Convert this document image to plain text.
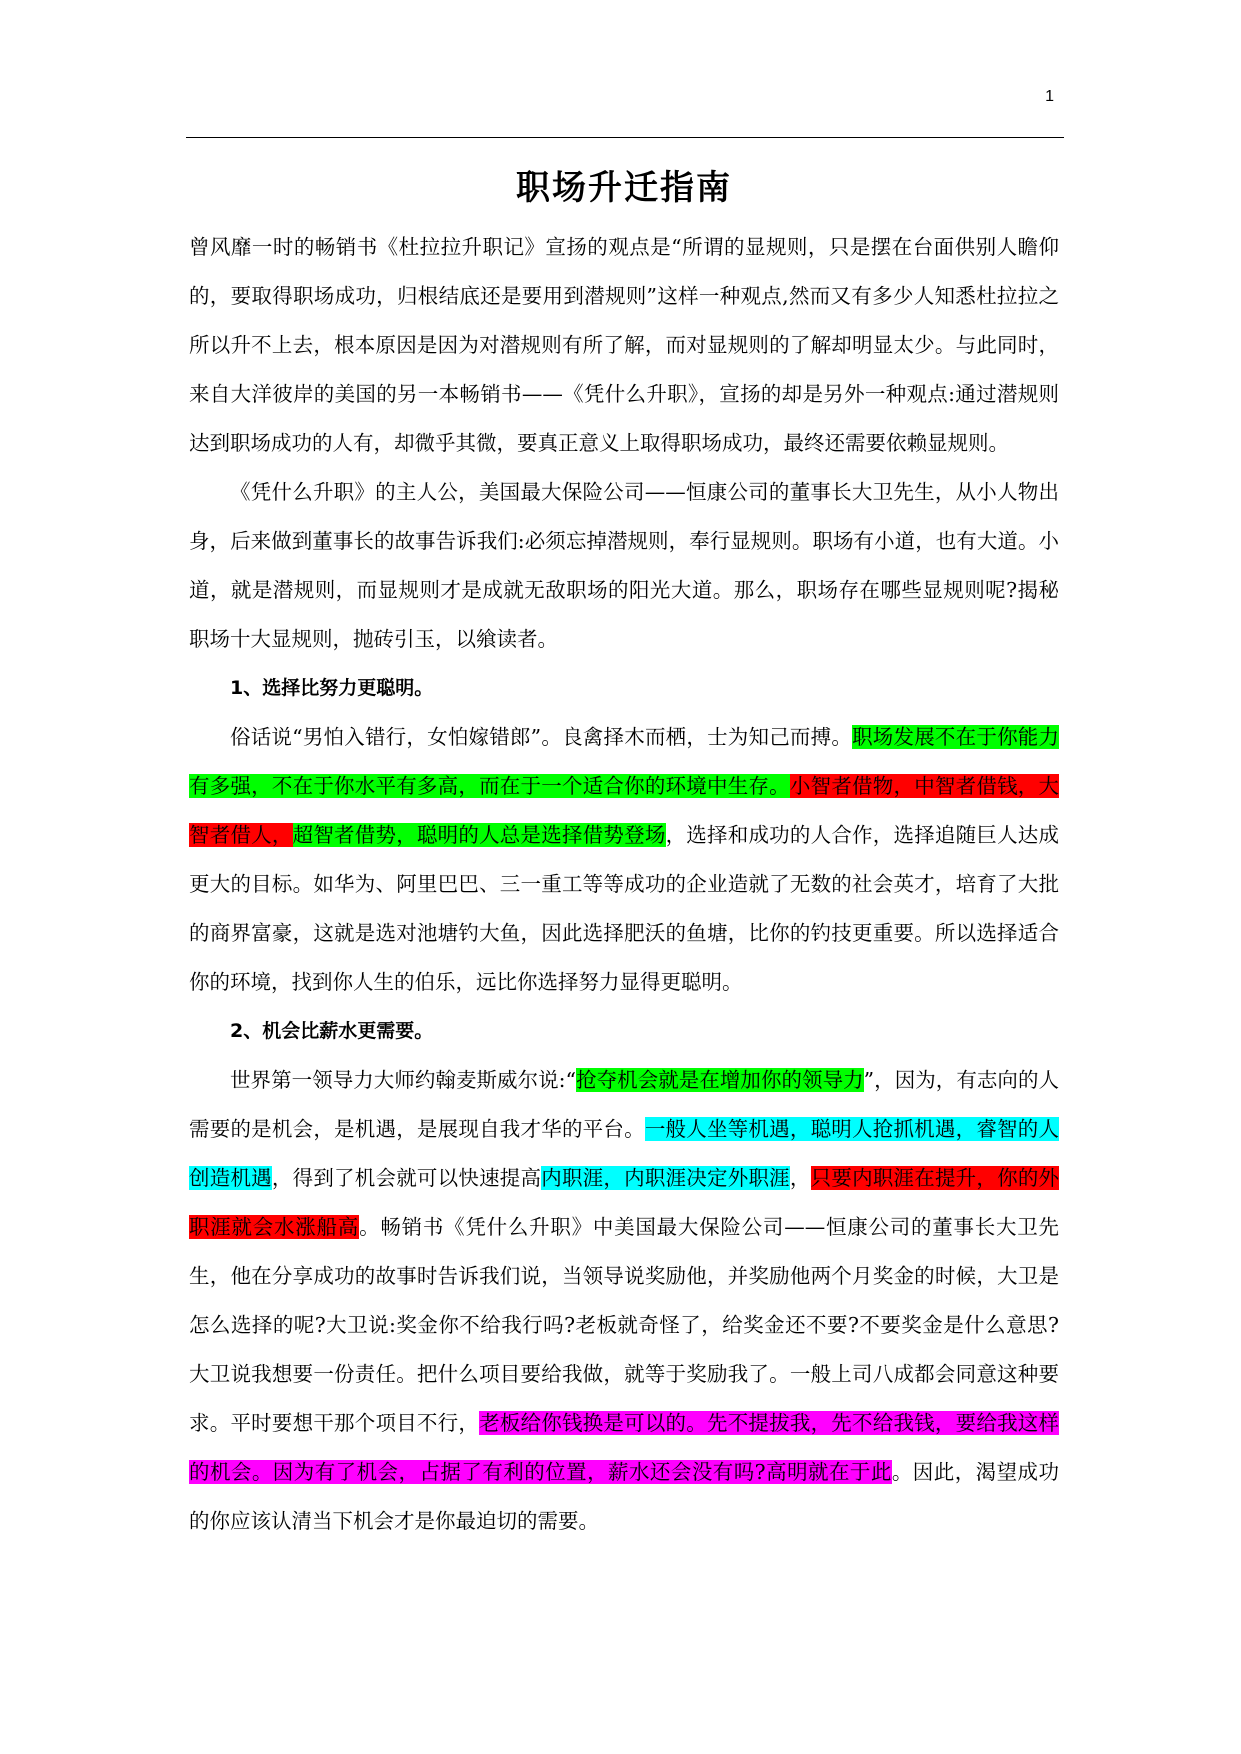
1
职场升迁指南

曾风靡一时的畅销书《杜拉拉升职记》宣扬的观点是“所谓的显规则，只是摆在台面供别人瞻仰的，要取得职场成功，归根结底还是要用到潜规则”这样一种观点,然而又有多少人知悉杜拉拉之所以升不上去，根本原因是因为对潜规则有所了解，而对显规则的了解却明显太少。与此同时，来自大洋彼岸的美国的另一本畅销书——《凭什么升职》，宣扬的却是另外一种观点:通过潜规则达到职场成功的人有，却微乎其微，要真正意义上取得职场成功，最终还需要依赖显规则。

《凭什么升职》的主人公，美国最大保险公司——恒康公司的董事长大卫先生，从小人物出身，后来做到董事长的故事告诉我们:必须忘掉潜规则，奉行显规则。职场有小道，也有大道。小道，就是潜规则，而显规则才是成就无敌职场的阳光大道。那么，职场存在哪些显规则呢?揭秘职场十大显规则，抛砖引玉，以飨读者。

1、选择比努力更聪明。

俗话说“男怕入错行，女怕嫁错郎”。良禽择木而栖，士为知己而搏。职场发展不在于你能力有多强，不在于你水平有多高，而在于一个适合你的环境中生存。小智者借物，中智者借钱，大智者借人，超智者借势，聪明的人总是选择借势登场，选择和成功的人合作，选择追随巨人达成更大的目标。如华为、阿里巴巴、三一重工等等成功的企业造就了无数的社会英才，培育了大批的商界富豪，这就是选对池塘钓大鱼，因此选择肥沃的鱼塘，比你的钓技更重要。所以选择适合你的环境，找到你人生的伯乐，远比你选择努力显得更聪明。

2、机会比薪水更需要。

世界第一领导力大师约翰麦斯威尔说:“抢夺机会就是在增加你的领导力”，因为，有志向的人需要的是机会，是机遇，是展现自我才华的平台。一般人坐等机遇，聪明人抢抓机遇，睿智的人创造机遇，得到了机会就可以快速提高内职涯，内职涯决定外职涯，只要内职涯在提升，你的外职涯就会水涨船高。畅销书《凭什么升职》中美国最大保险公司——恒康公司的董事长大卫先生，他在分享成功的故事时告诉我们说，当领导说奖励他，并奖励他两个月奖金的时候，大卫是怎么选择的呢?大卫说:奖金你不给我行吗?老板就奇怪了，给奖金还不要?不要奖金是什么意思?大卫说我想要一份责任。把什么项目要给我做，就等于奖励我了。一般上司八成都会同意这种要求。平时要想干那个项目不行，老板给你钱换是可以的。先不提拔我，先不给我钱，要给我这样的机会。因为有了机会，占据了有利的位置，薪水还会没有吗?高明就在于此。因此，渴望成功的你应该认清当下机会才是你最迫切的需要。
